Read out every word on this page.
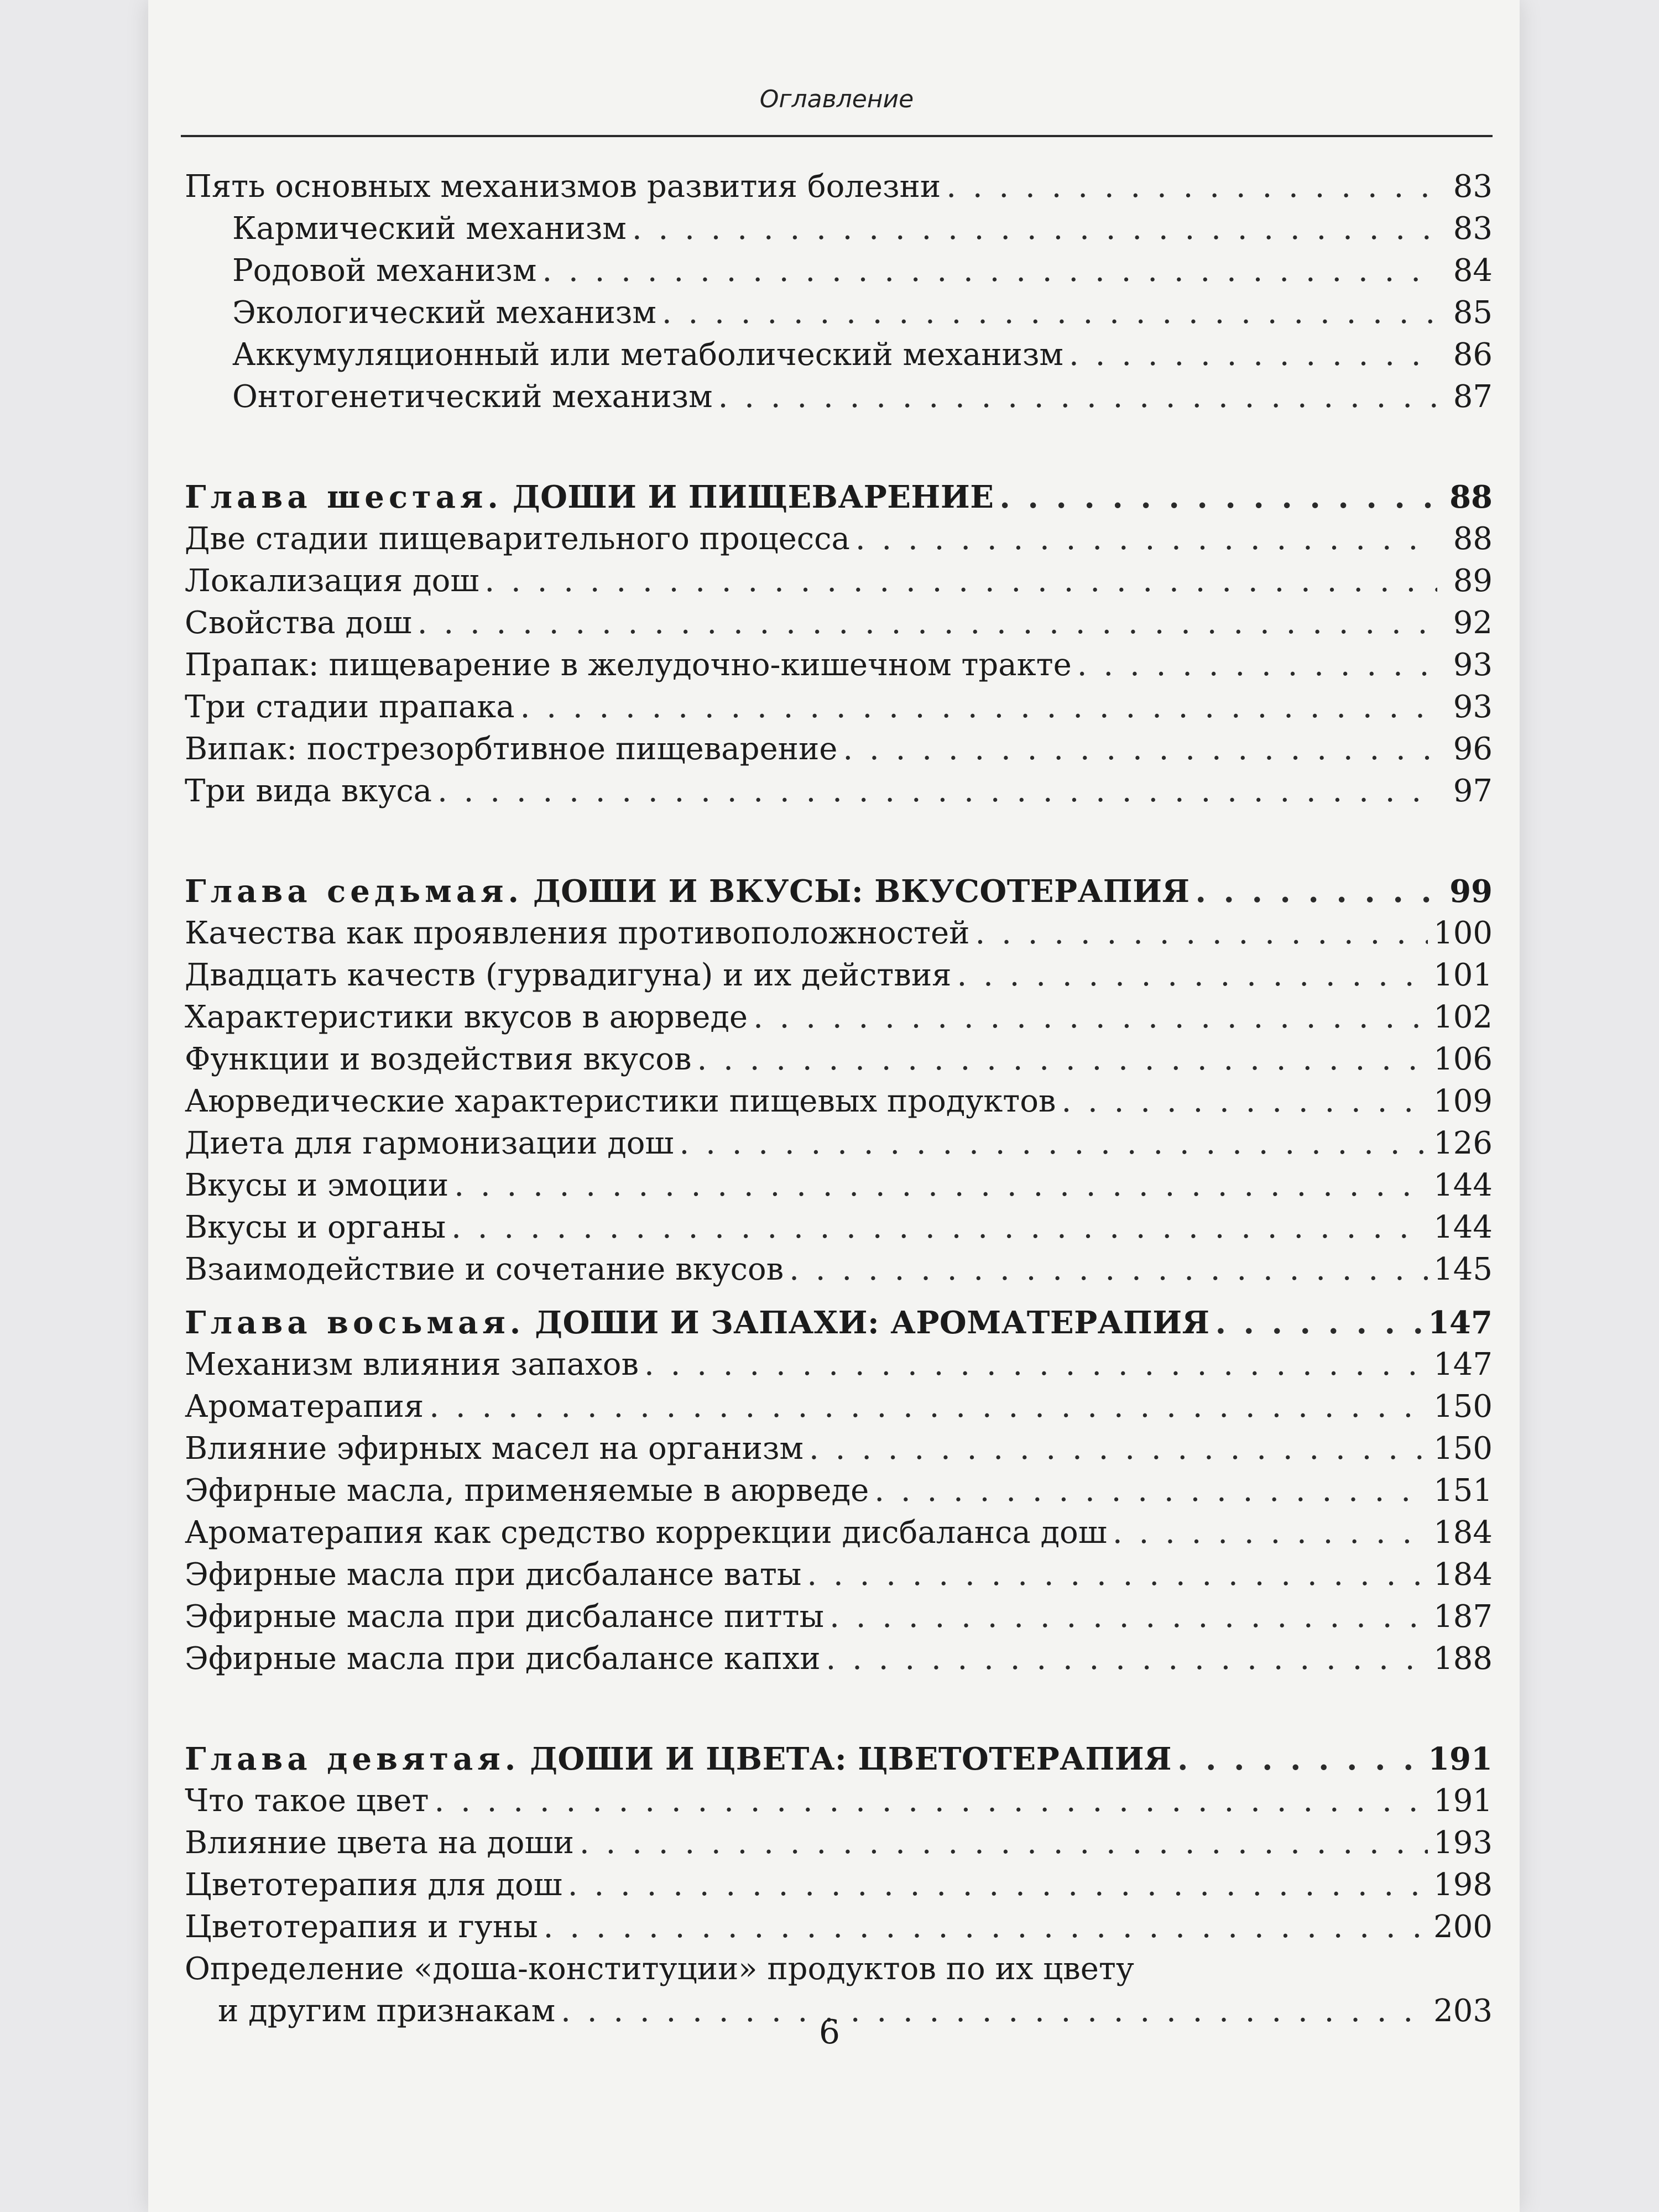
Оглавление
Пять основных механизмов развития болезни . . .	83
Кармический механизм . . .	83
Родовой механизм . . .	84
Экологический механизм . . .	85
Аккумуляционный или метаболический механизм . . .	86
Онтогенетический механизм . . .	87
Глава шестая. ДОШИ И ПИЩЕВАРЕНИЕ . . .	88
Две стадии пищеварительного процесса . . .	88
Локализация дош . . .	89
Свойства дош . . .	92
Прапак: пищеварение в желудочно-кишечном тракте . . .	93
Три стадии прапака . . .	93
Випак: пострезорбтивное пищеварение . . .	96
Три вида вкуса . . .	97
Глава седьмая. ДОШИ И ВКУСЫ: ВКУСОТЕРАПИЯ . . .	99
Качества как проявления противоположностей . . .	100
Двадцать качеств (гурвадигуна) и их действия . . .	101
Характеристики вкусов в аюрведе . . .	102
Функции и воздействия вкусов . . .	106
Аюрведические характеристики пищевых продуктов . . .	109
Диета для гармонизации дош . . .	126
Вкусы и эмоции . . .	144
Вкусы и органы . . .	144
Взаимодействие и сочетание вкусов . . .	145
Глава восьмая. ДОШИ И ЗАПАХИ: АРОМАТЕРАПИЯ . . .	147
Механизм влияния запахов . . .	147
Ароматерапия . . .	150
Влияние эфирных масел на организм . . .	150
Эфирные масла, применяемые в аюрведе . . .	151
Ароматерапия как средство коррекции дисбаланса дош . . .	184
Эфирные масла при дисбалансе ваты . . .	184
Эфирные масла при дисбалансе питты . . .	187
Эфирные масла при дисбалансе капхи . . .	188
Глава девятая. ДОШИ И ЦВЕТА: ЦВЕТОТЕРАПИЯ . . .	191
Что такое цвет . . .	191
Влияние цвета на доши . . .	193
Цветотерапия для дош . . .	198
Цветотерапия и гуны . . .	200
Определение «доша-конституции» продуктов по их цвету
и другим признакам . . .	203
6
